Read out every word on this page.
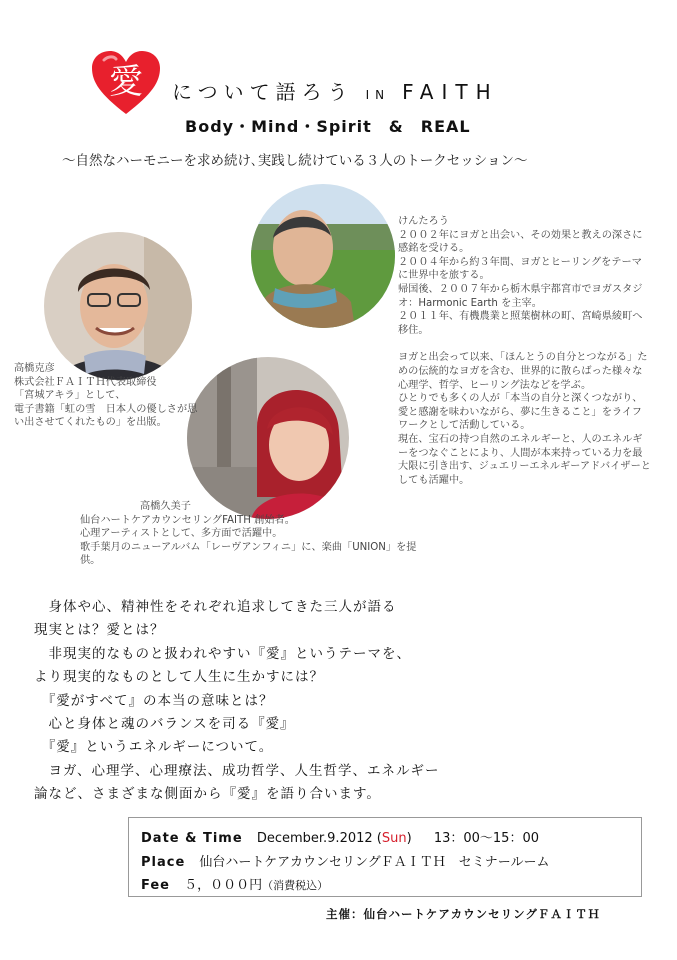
愛	について語ろう IN FAITH
Body・Mind・Spirit　&　REAL
～自然なハーモニーを求め続け､実践し続けている３人のトークセッション～

けんたろう

２００２年にヨガと出会い、その効果と教えの深さに感銘を受ける。

２００４年から約３年間、ヨガとヒーリングをテーマに世界中を旅する。

帰国後、２００７年から栃木県宇都宮市でヨガスタジオ：Harmonic Earth を主宰。

２０１１年、有機農業と照葉樹林の町、宮崎県綾町へ移住。

ヨガと出会って以来、「ほんとうの自分とつながる」ための伝統的なヨガを含む、世界的に散らばった様々な心理学、哲学、ヒーリング法などを学ぶ。

ひとりでも多くの人が「本当の自分と深くつながり、愛と感謝を味わいながら、夢に生きること」をライフワークとして活動している。

現在、宝石の持つ自然のエネルギーと、人のエネルギーをつなぐことにより、人間が本来持っている力を最大限に引き出す、ジュエリーエネルギーアドバイザーとしても活躍中。

高橋克彦

株式会社ＦＡＩＴＨ代表取締役

「宮城アキラ」として、

電子書籍「虹の雪　日本人の優しさが思い出させてくれたもの」を出版。

高橋久美子

仙台ハートケアカウンセリングFAITH 創始者。

心理アーティストとして、多方面で活躍中。

歌手葉月のニューアルバム「レーヴアンフィニ」に、楽曲「UNION」を提供。

　身体や心、精神性をそれぞれ追求してきた三人が語る

現実とは？愛とは？

　非現実的なものと扱われやすい『愛』というテーマを、

より現実的なものとして人生に生かすには？

　『愛がすべて』の本当の意味とは？

　心と身体と魂のバランスを司る『愛』

　『愛』というエネルギーについて。

　ヨガ、心理学、心理療法、成功哲学、人生哲学、エネルギー

論など、さまざまな側面から『愛』を語り合います。

Date & Time December.9.2012 (Sun) 13：00～15：00
Place 仙台ハートケアカウンセリングＦＡＩＴＨ　セミナールーム
Fee ５，０００円（消費税込）
主催：仙台ハートケアカウンセリングＦＡＩＴＨ
